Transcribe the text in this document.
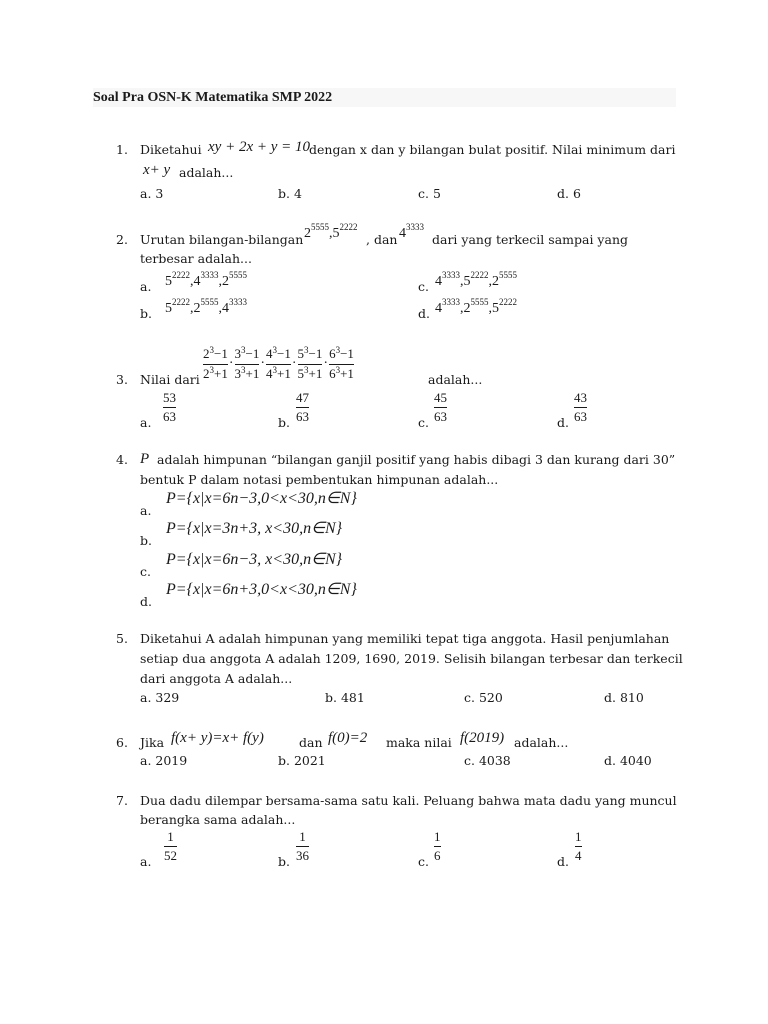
Soal Pra OSN-K Matematika SMP 2022
1. Diketahui xy + 2x + y = 10 dengan x dan y bilangan bulat positif. Nilai minimum dari
x+ y adalah...
a. 3	b. 4	c. 5	d. 6
2. Urutan bilangan-bilangan $2^{5555},5^{2222}$
, dan $4^{3333}$
dari yang terkecil sampai yang
terbesar adalah...
a. $5^{2222},4^{3333},2^{5555}$
b. $5^{2222},2^{5555},4^{3333}$
c. $4^{3333},5^{2222},2^{5555}$
d. $4^{3333},2^{5555},5^{2222}$
3. Nilai dari $\frac{2^3-1}{2^3+1} \cdot \frac{3^3-1}{3^3+1} \cdot \frac{4^3-1}{4^3+1} \cdot \frac{5^3-1}{5^3+1} \cdot \frac{6^3-1}{6^3+1}$	adalah...
a.
53
63	b.
47
63	c.
45
63	d.
43
63
4. P adalah himpunan “bilangan ganjil positif yang habis dibagi 3 dan kurang dari 30”
bentuk P dalam notasi pembentukan himpunan adalah...
a.
P={x|x=6n−3,0<x<30,n∈N}
b.
P={x|x=3n+3, x<30,n∈N}
c.
P={x|x=6n−3, x<30,n∈N}
d.
P={x|x=6n+3,0<x<30,n∈N}
5. Diketahui A adalah himpunan yang memiliki tepat tiga anggota. Hasil penjumlahan
setiap dua anggota A adalah 1209, 1690, 2019. Selisih bilangan terbesar dan terkecil
dari anggota A adalah...
a. 329	b. 481	c. 520	d. 810
6. Jika f(x+ y)=x+ f(y)	dan f(0)=2 maka nilai f(2019) adalah...
a. 2019	b. 2021	c. 4038	d. 4040
7. Dua dadu dilempar bersama-sama satu kali. Peluang bahwa mata dadu yang muncul
berangka sama adalah...
a.
1
52	b.
1
36	c.
1
6	d.
1
4
